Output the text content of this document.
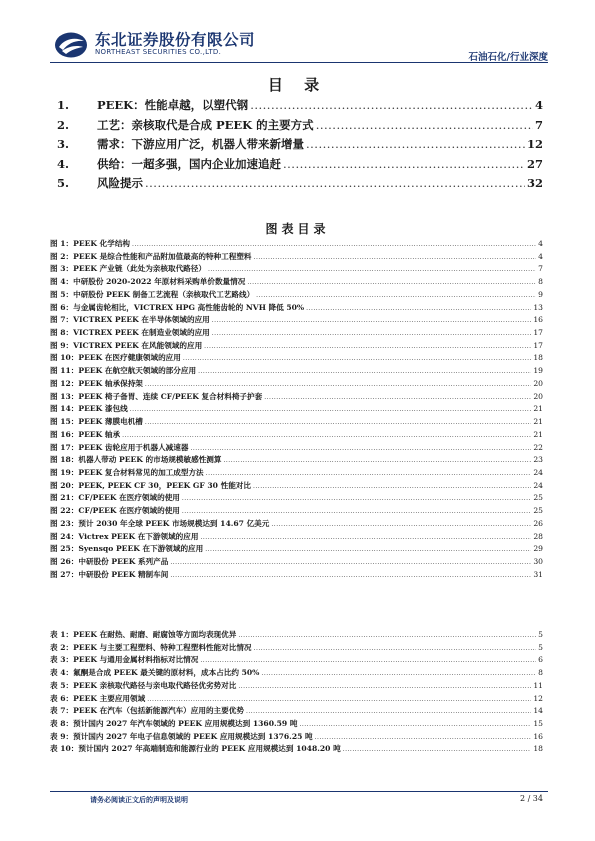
东北证券股份有限公司
NORTHEAST SECURITIES CO.,LTD.	石油石化/行业深度
目 录
1.	PEEK：性能卓越，以塑代钢 .....	4
2.	工艺：亲核取代是合成 PEEK 的主要方式 .....	7
3.	需求：下游应用广泛，机器人带来新增量 .....	12
4.	供给：一超多强，国内企业加速追赶 .....	27
5.	风险提示 .....	32
图表目录
图 1：PEEK 化学结构 .....	4
图 2：PEEK 是综合性能和产品附加值最高的特种工程塑料 .....	4
图 3：PEEK 产业链（此处为亲核取代路径） .....	7
图 4：中研股份 2020-2022 年原材料采购单价数量情况 .....	8
图 5：中研股份 PEEK 制备工艺流程（亲核取代工艺路线） .....	9
图 6：与金属齿轮相比，VICTREX HPG 高性能齿轮的 NVH 降低 50% .....	13
图 7：VICTREX PEEK 在半导体领域的应用 .....	16
图 8：VICTREX PEEK 在制造业领域的应用 .....	17
图 9：VICTREX PEEK 在风能领域的应用 .....	17
图 10：PEEK 在医疗健康领域的应用 .....	18
图 11：PEEK 在航空航天领域的部分应用 .....	19
图 12：PEEK 轴承保持架 .....	20
图 13：PEEK 椅子备胃、连续 CF/PEEK 复合材料椅子护套 .....	20
图 14：PEEK 漆包线 .....	21
图 15：PEEK 薄膜电机槽 .....	21
图 16：PEEK 轴承 .....	21
图 17：PEEK 齿轮应用于机器人减速器 .....	22
图 18：机器人带动 PEEK 的市场规模敏感性测算 .....	23
图 19：PEEK 复合材料常见的加工成型方法 .....	24
图 20：PEEK, PEEK CF 30，PEEK GF 30 性能对比 .....	24
图 21：CF/PEEK 在医疗领域的使用 .....	25
图 22：CF/PEEK 在医疗领域的使用 .....	25
图 23：预计 2030 年全球 PEEK 市场规模达到 14.67 亿美元 .....	26
图 24：Victrex PEEK 在下游领域的应用 .....	28
图 25：Syensqo PEEK 在下游领域的应用 .....	29
图 26：中研股份 PEEK 系列产品 .....	30
图 27：中研股份 PEEK 精制车间 .....	31
表 1：PEEK 在耐热、耐磨、耐腐蚀等方面均表现优异 .....	5
表 2：PEEK 与主要工程塑料、特种工程塑料性能对比情况 .....	5
表 3：PEEK 与通用金属材料指标对比情况 .....	6
表 4：氟酮是合成 PEEK 最关键的原材料，成本占比约 50% .....	8
表 5：PEEK 亲核取代路径与亲电取代路径优劣势对比 .....	11
表 6：PEEK 主要应用领域 .....	12
表 7：PEEK 在汽车（包括新能源汽车）应用的主要优势 .....	14
表 8：预计国内 2027 年汽车领域的 PEEK 应用规模达到 1360.59 吨 .....	15
表 9：预计国内 2027 年电子信息领域的 PEEK 应用规模达到 1376.25 吨 .....	16
表 10：预计国内 2027 年高端制造和能源行业的 PEEK 应用规模达到 1048.20 吨 .....	18
请务必阅读正文后的声明及说明	2 / 34
